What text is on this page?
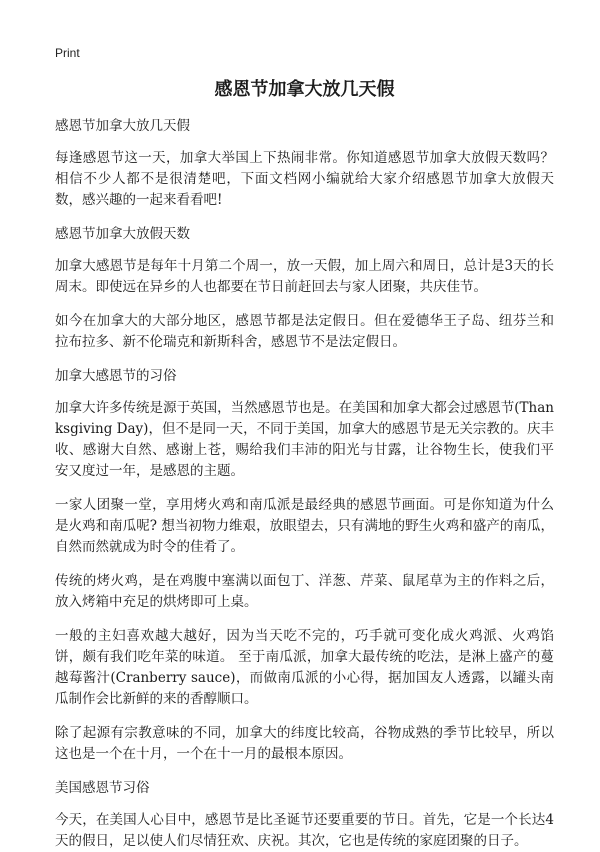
Print
感恩节加拿大放几天假
感恩节加拿大放几天假
每逢感恩节这一天，加拿大举国上下热闹非常。你知道感恩节加拿大放假天数吗？相信不少人都不是很清楚吧，下面文档网小编就给大家介绍感恩节加拿大放假天数，感兴趣的一起来看看吧!
感恩节加拿大放假天数
加拿大感恩节是每年十月第二个周一，放一天假，加上周六和周日，总计是3天的长周末。即使远在异乡的人也都要在节日前赶回去与家人团聚，共庆佳节。
如今在加拿大的大部分地区，感恩节都是法定假日。但在爱德华王子岛、纽芬兰和拉布拉多、新不伦瑞克和新斯科舍，感恩节不是法定假日。
加拿大感恩节的习俗
加拿大许多传统是源于英国，当然感恩节也是。在美国和加拿大都会过感恩节(Thanksgiving Day)，但不是同一天，不同于美国，加拿大的感恩节是无关宗教的。庆丰收、感谢大自然、感谢上苍，赐给我们丰沛的阳光与甘露，让谷物生长，使我们平安又度过一年，是感恩的主题。
一家人团聚一堂，享用烤火鸡和南瓜派是最经典的感恩节画面。可是你知道为什么是火鸡和南瓜呢? 想当初物力维艰，放眼望去，只有满地的野生火鸡和盛产的南瓜，自然而然就成为时令的佳肴了。
传统的烤火鸡，是在鸡腹中塞满以面包丁、洋葱、芹菜、鼠尾草为主的作料之后，放入烤箱中充足的烘烤即可上桌。
一般的主妇喜欢越大越好，因为当天吃不完的，巧手就可变化成火鸡派、火鸡馅饼，颇有我们吃年菜的味道。 至于南瓜派，加拿大最传统的吃法，是淋上盛产的蔓越莓酱汁(Cranberry sauce)，而做南瓜派的小心得，据加国友人透露，以罐头南瓜制作会比新鲜的来的香醇顺口。
除了起源有宗教意味的不同，加拿大的纬度比较高，谷物成熟的季节比较早，所以这也是一个在十月，一个在十一月的最根本原因。
美国感恩节习俗
今天，在美国人心目中，感恩节是比圣诞节还要重要的节日。首先，它是一个长达4天的假日，足以使人们尽情狂欢、庆祝。其次，它也是传统的家庭团聚的日子。
